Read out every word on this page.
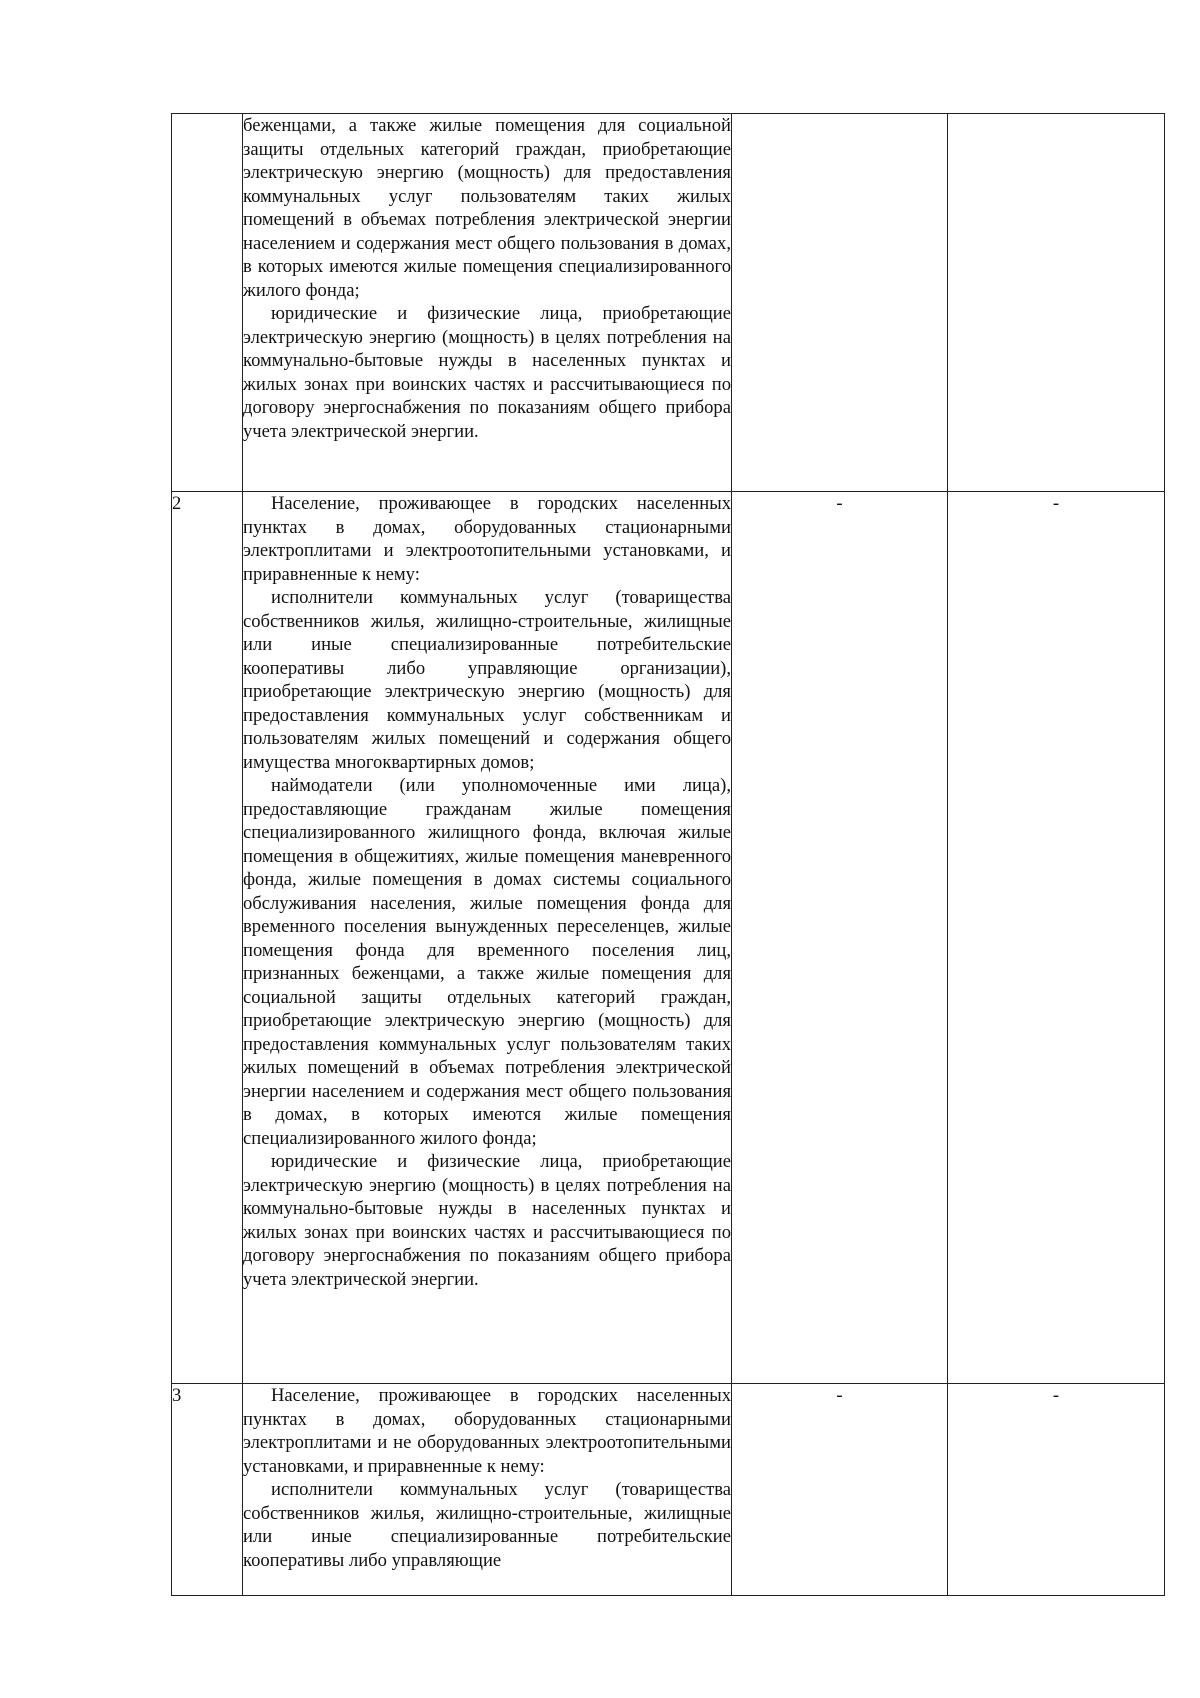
	беженцами, а также жилые помещения для социальной защиты отдельных категорий граждан, приобретающие электрическую энергию (мощность) для предоставления коммунальных услуг пользователям таких жилых помещений в объемах потребления электрической энергии населением и содержания мест общего пользования в домах, в которых имеются жилые помещения специализированного жилого фонда;

юридические и физические лица, приобретающие электрическую энергию (мощность) в целях потребления на коммунально-бытовые нужды в населенных пунктах и жилых зонах при воинских частях и рассчитывающиеся по договору энергоснабжения по показаниям общего прибора учета электрической энергии.		

2	Население, проживающее в городских населенных пунктах в домах, оборудованных стационарными электроплитами и электроотопительными установками, и приравненные к нему:

исполнители коммунальных услуг (товарищества собственников жилья, жилищно-строительные, жилищные или иные специализированные потребительские кооперативы либо управляющие организации), приобретающие электрическую энергию (мощность) для предоставления коммунальных услуг собственникам и пользователям жилых помещений и содержания общего имущества многоквартирных домов;

наймодатели (или уполномоченные ими лица), предоставляющие гражданам жилые помещения специализированного жилищного фонда, включая жилые помещения в общежитиях, жилые помещения маневренного фонда, жилые помещения в домах системы социального обслуживания населения, жилые помещения фонда для временного поселения вынужденных переселенцев, жилые помещения фонда для временного поселения лиц, признанных беженцами, а также жилые помещения для социальной защиты отдельных категорий граждан, приобретающие электрическую энергию (мощность) для предоставления коммунальных услуг пользователям таких жилых помещений в объемах потребления электрической энергии населением и содержания мест общего пользования в домах, в которых имеются жилые помещения специализированного жилого фонда;

юридические и физические лица, приобретающие электрическую энергию (мощность) в целях потребления на коммунально-бытовые нужды в населенных пунктах и жилых зонах при воинских частях и рассчитывающиеся по договору энергоснабжения по показаниям общего прибора учета электрической энергии.	-	-
3	Население, проживающее в городских населенных пунктах в домах, оборудованных стационарными электроплитами и не оборудованных электроотопительными установками, и приравненные к нему:

исполнители коммунальных услуг (товарищества собственников жилья, жилищно-строительные, жилищные или иные специализированные потребительские кооперативы либо управляющие	-	-
